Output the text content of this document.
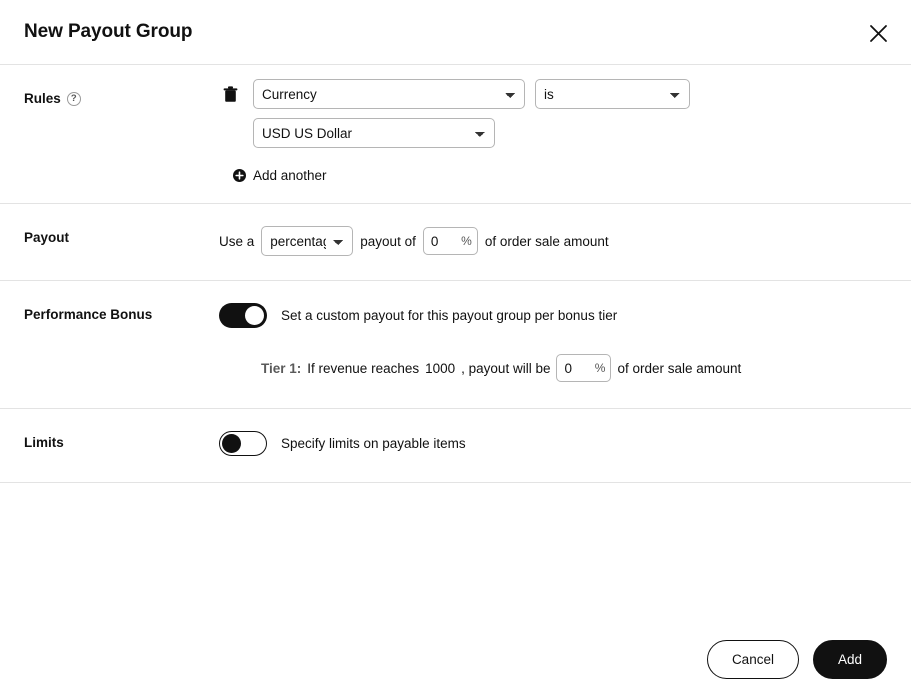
New Payout Group
Rules	?
Currency
is
USD US Dollar
Add another
Payout	Use a
percentage	payout of
0	% of order sale amount
Performance Bonus	Set a custom payout for this payout group per bonus tier
Tier 1: If revenue reaches 1000 , payout will be
0	% of order sale amount
Limits	Specify limits on payable items
Cancel	Add
